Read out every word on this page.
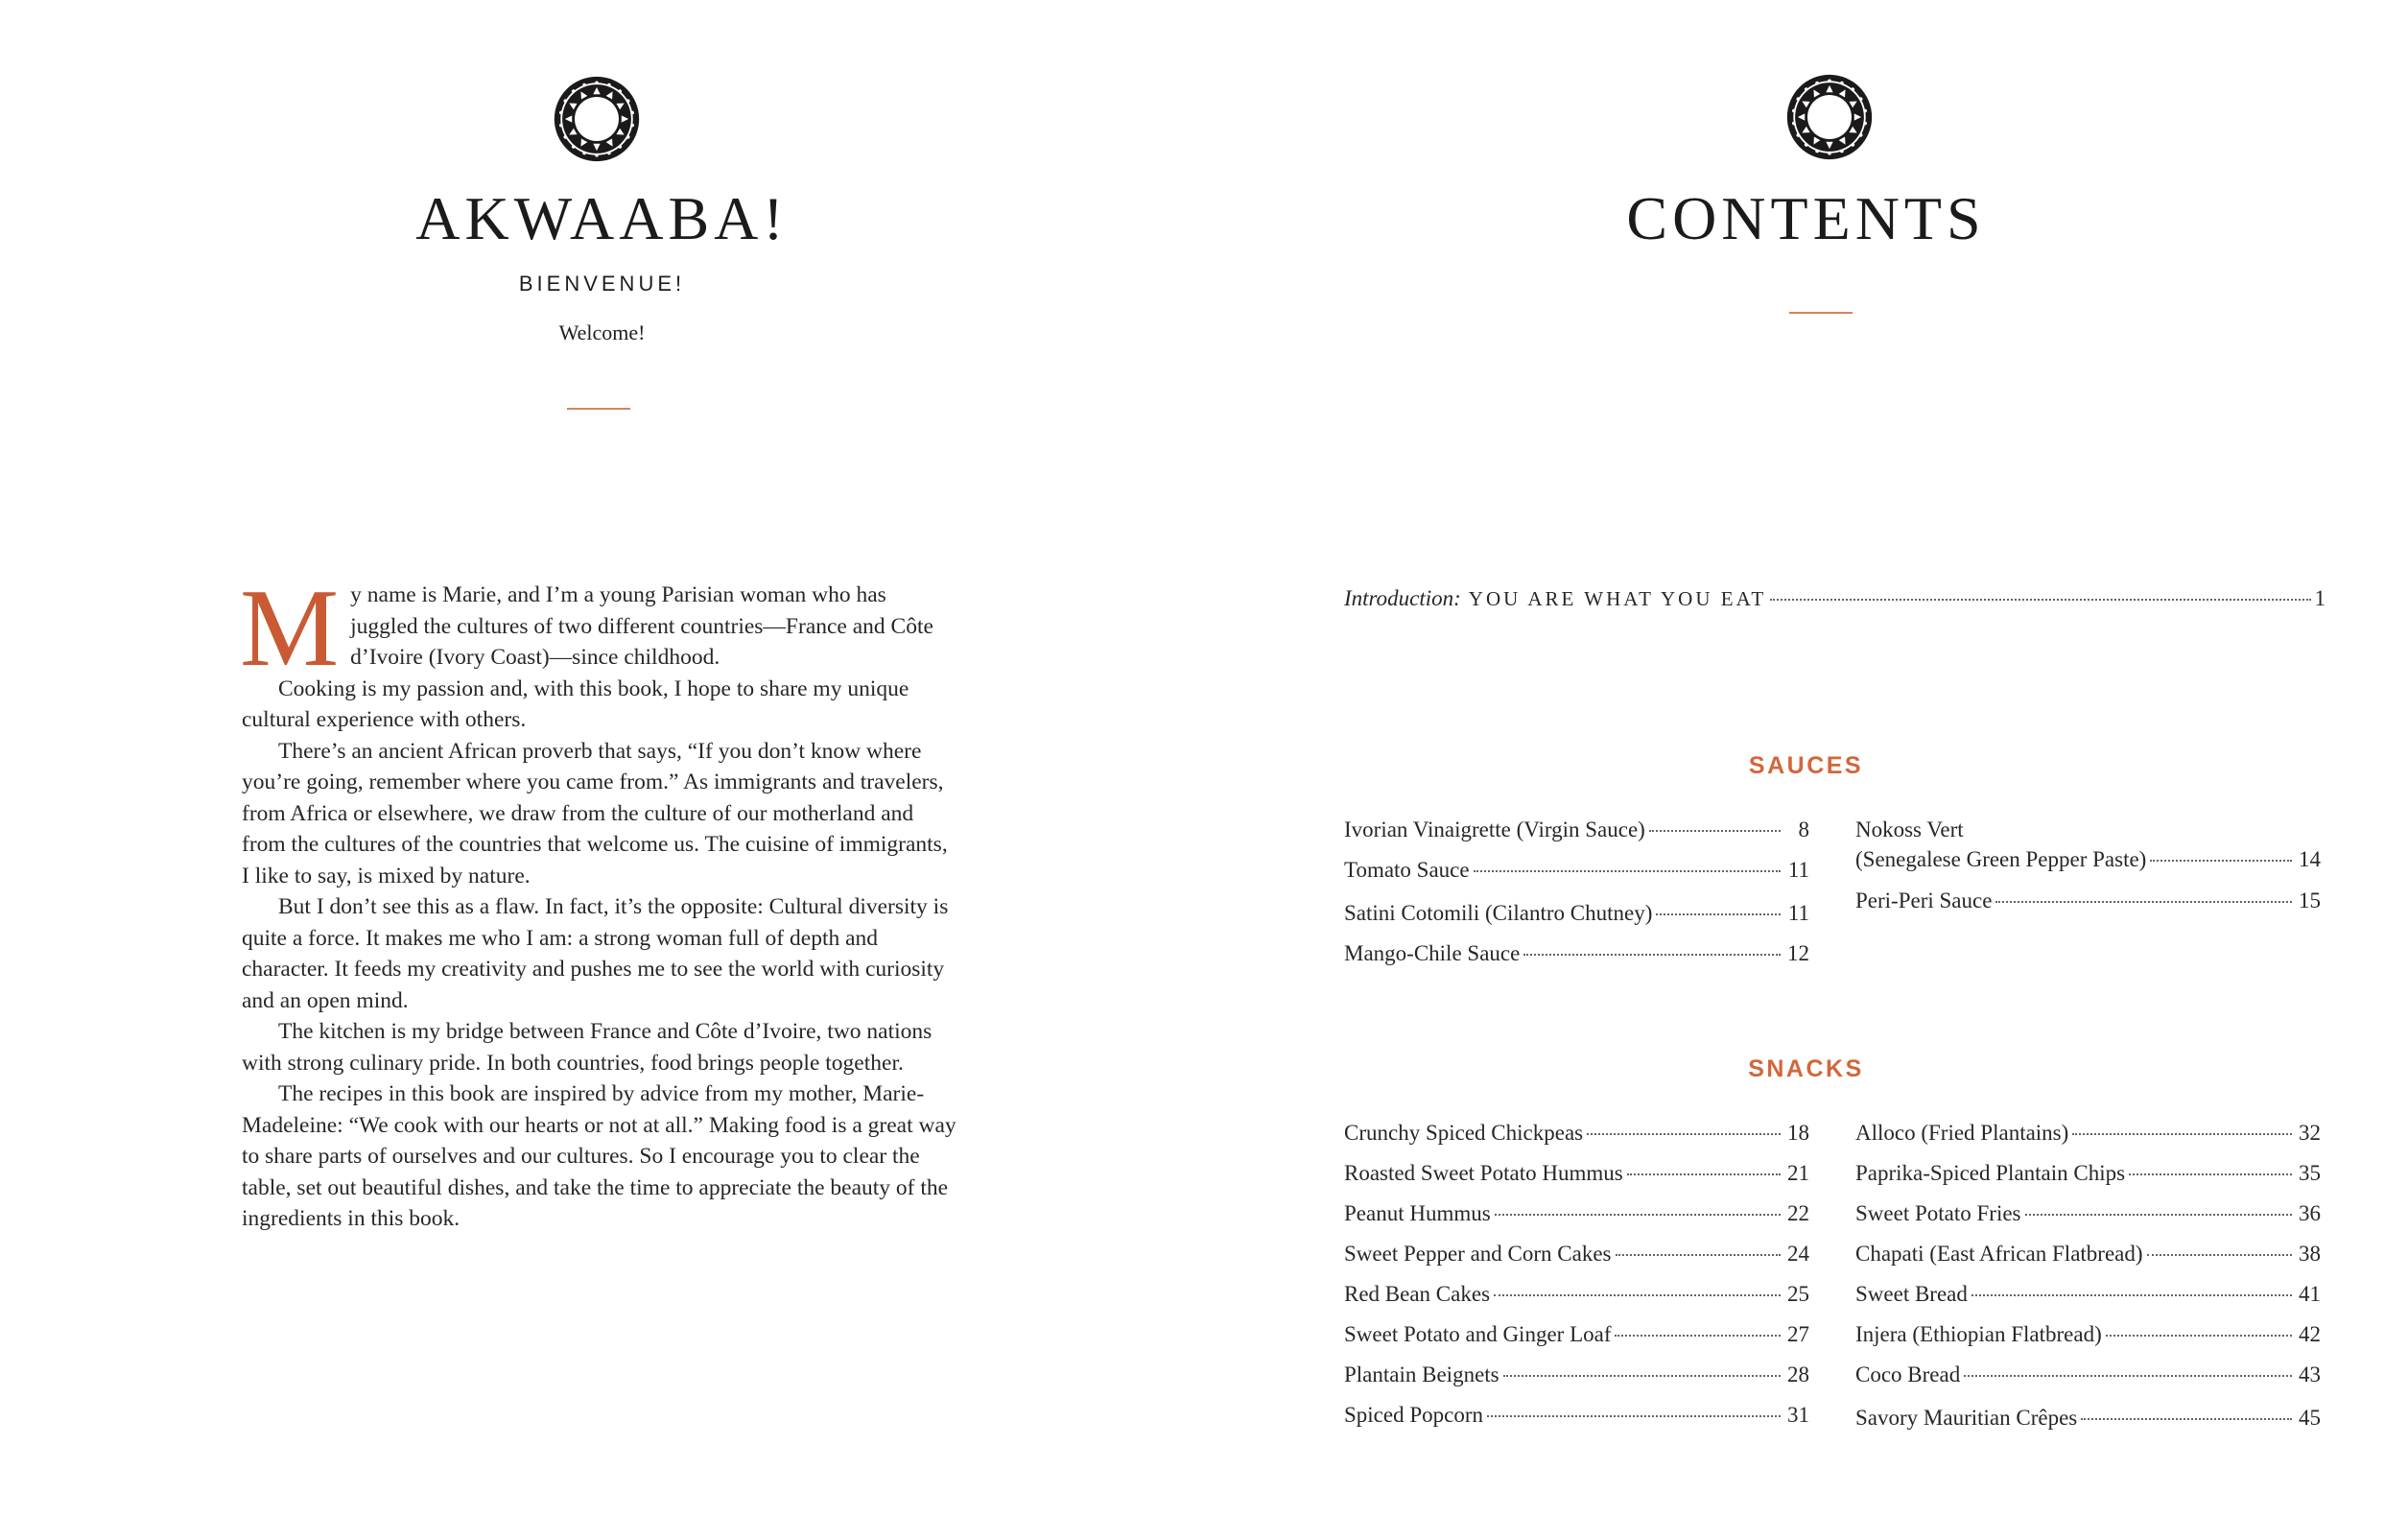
AKWAABA!
BIENVENUE!
Welcome!

My name is Marie, and I’m a young Parisian woman who has juggled the cultures of two different countries—France and Côte d’Ivoire (Ivory Coast)—since childhood.

Cooking is my passion and, with this book, I hope to share my unique cultural experience with others.

There’s an ancient African proverb that says, “If you don’t know where you’re going, remember where you came from.” As immigrants and travelers, from Africa or elsewhere, we draw from the culture of our motherland and from the cultures of the countries that welcome us. The cuisine of immigrants, I like to say, is mixed by nature.

But I don’t see this as a flaw. In fact, it’s the opposite: Cultural diversity is quite a force. It makes me who I am: a strong woman full of depth and character. It feeds my creativity and pushes me to see the world with curiosity and an open mind.

The kitchen is my bridge between France and Côte d’Ivoire, two nations with strong culinary pride. In both countries, food brings people together.

The recipes in this book are inspired by advice from my mother, Marie-Madeleine: “We cook with our hearts or not at all.” Making food is a great way to share parts of ourselves and our cultures. So I encourage you to clear the table, set out beautiful dishes, and take the time to appreciate the beauty of the ingredients in this book.

CONTENTS
Introduction: YOU ARE WHAT YOU EAT	1
SAUCES
Ivorian Vinaigrette (Virgin Sauce)	8
Tomato Sauce	11
Satini Cotomili (Cilantro Chutney)	11
Mango-Chile Sauce	12
Nokoss Vert
(Senegalese Green Pepper Paste)	14
Peri-Peri Sauce	15
SNACKS
Crunchy Spiced Chickpeas	18
Roasted Sweet Potato Hummus	21
Peanut Hummus	22
Sweet Pepper and Corn Cakes	24
Red Bean Cakes	25
Sweet Potato and Ginger Loaf	27
Plantain Beignets	28
Spiced Popcorn	31
Alloco (Fried Plantains)	32
Paprika-Spiced Plantain Chips	35
Sweet Potato Fries	36
Chapati (East African Flatbread)	38
Sweet Bread	41
Injera (Ethiopian Flatbread)	42
Coco Bread	43
Savory Mauritian Crêpes	45
